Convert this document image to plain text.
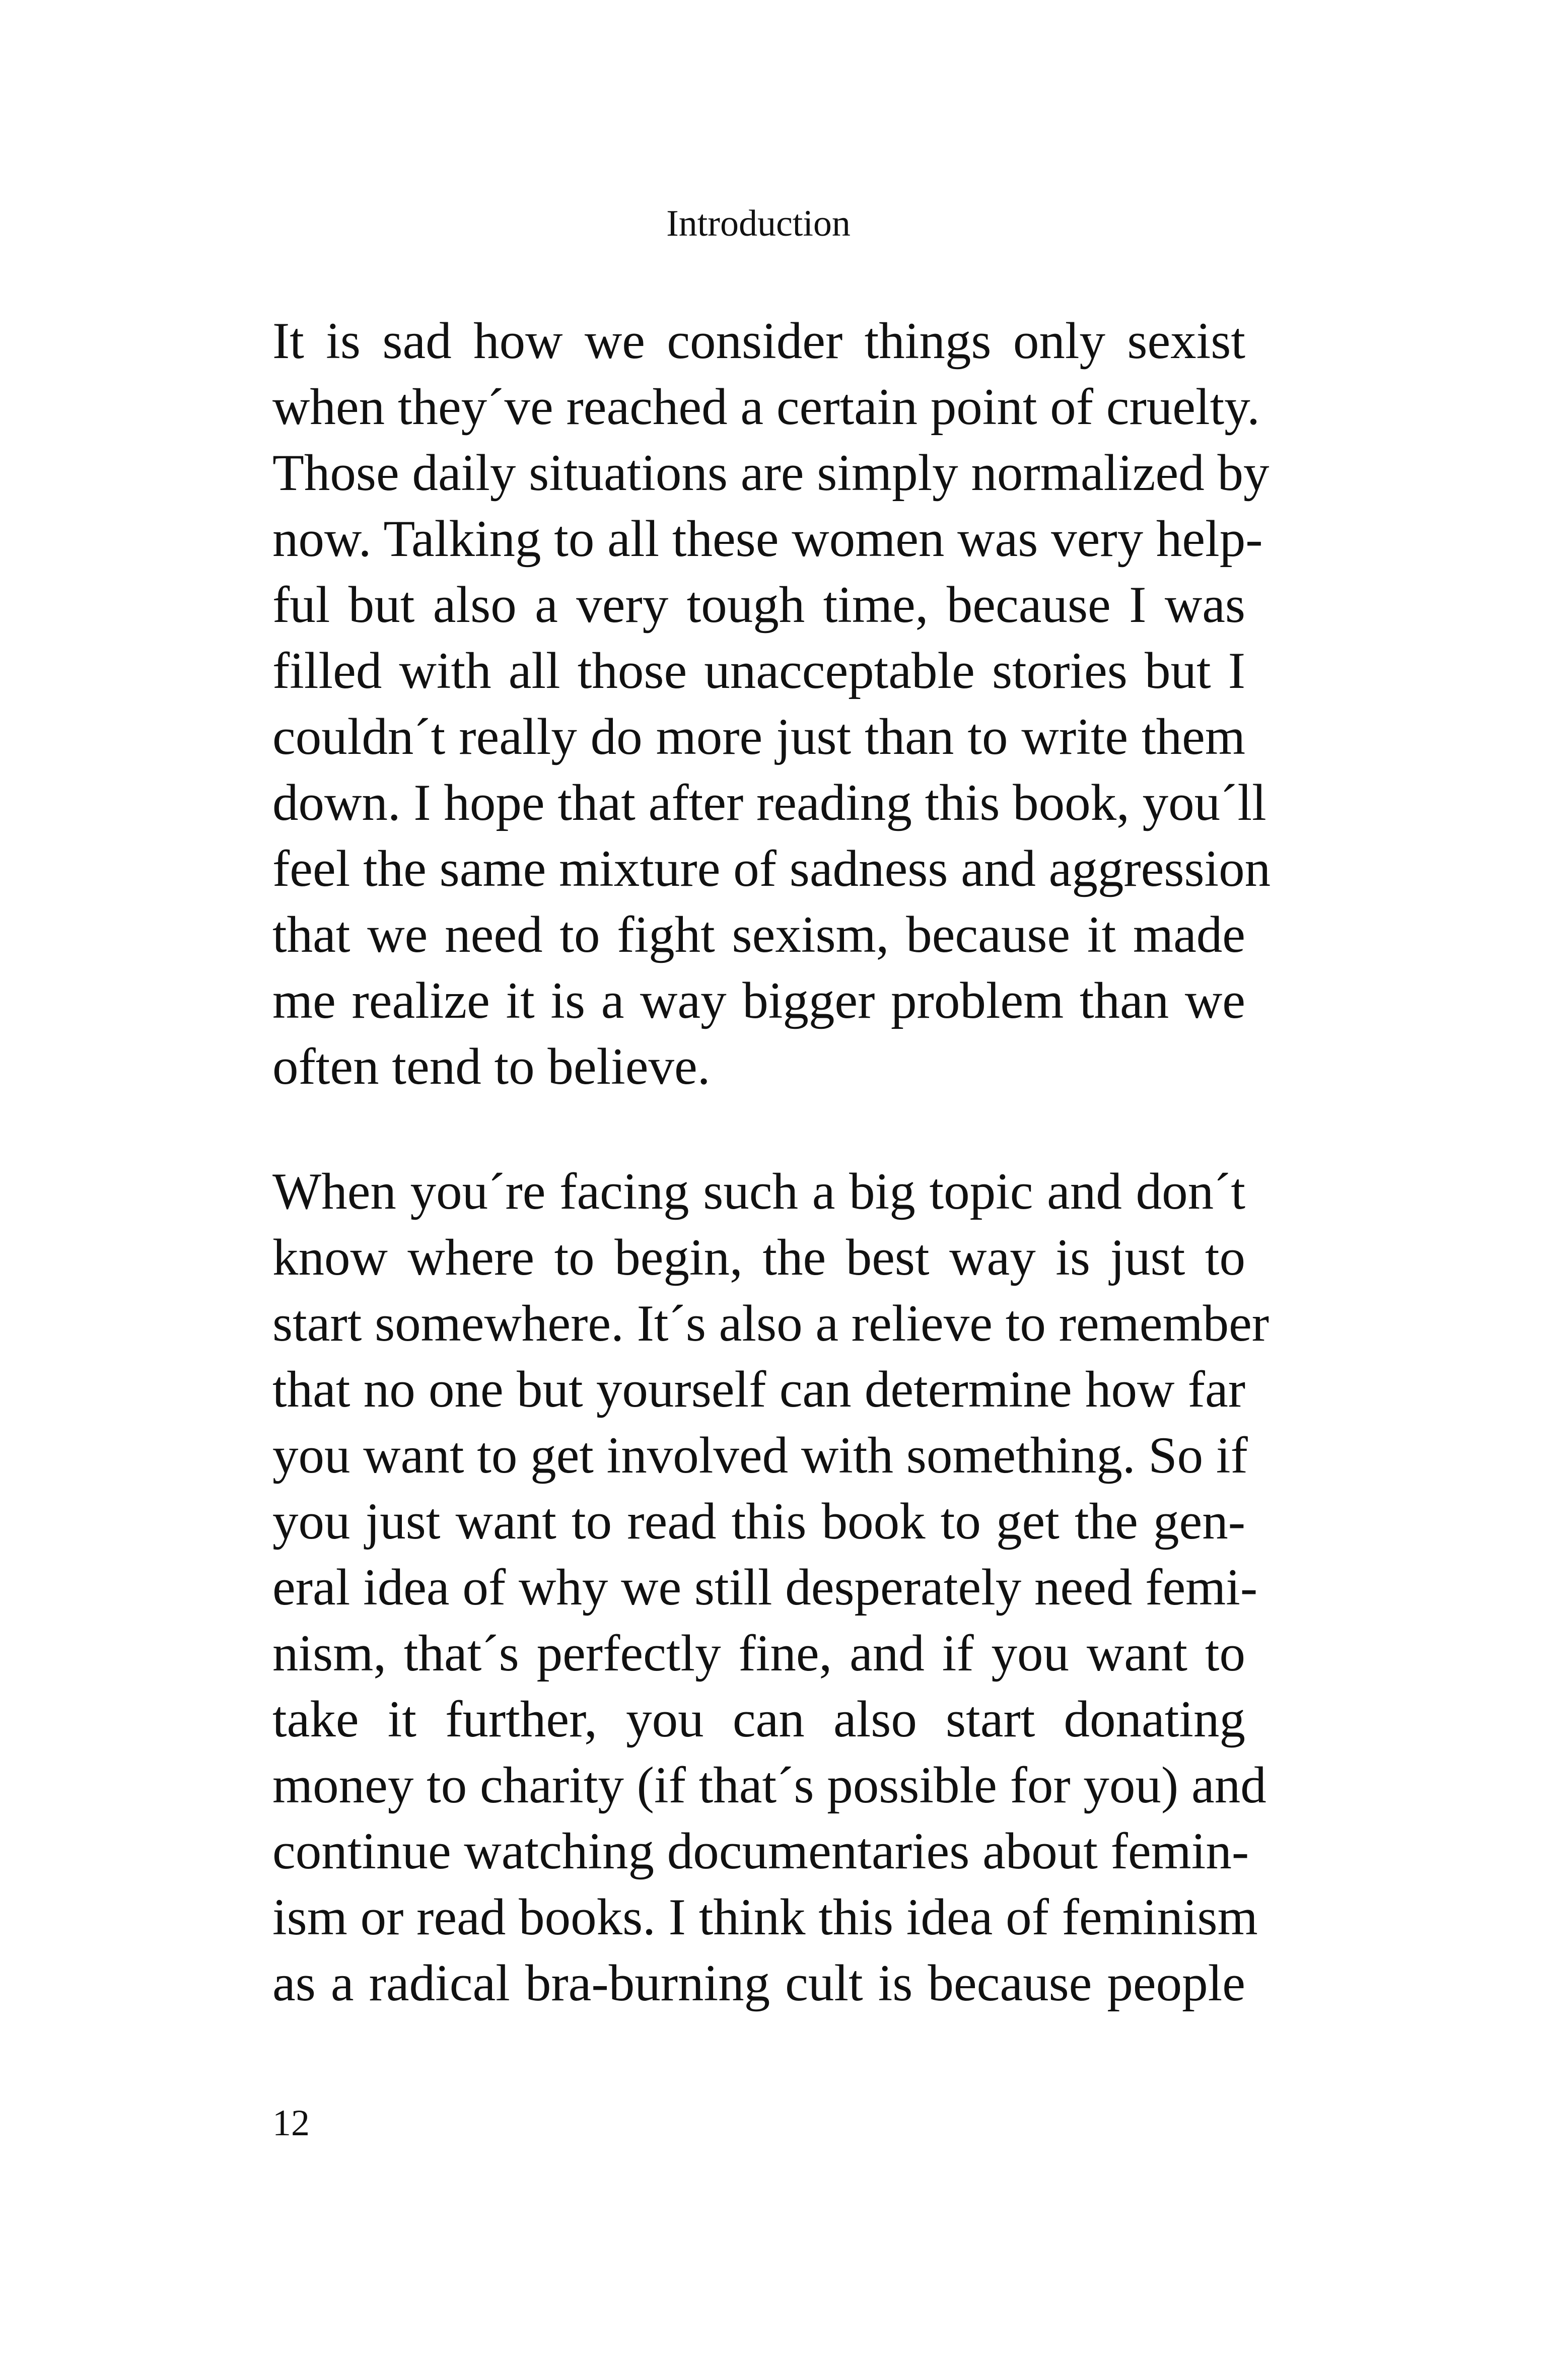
Introduction
It is sad how we consider things only sexist
when they´ve reached a certain point of cruelty.
Those daily situations are simply normalized by
now. Talking to all these women was very help-
ful but also a very tough time, because I was
filled with all those unacceptable stories but I
couldn´t really do more just than to write them
down. I hope that after reading this book, you´ll
feel the same mixture of sadness and aggression
that we need to fight sexism, because it made
me realize it is a way bigger problem than we
often tend to believe.
When you´re facing such a big topic and don´t
know where to begin, the best way is just to
start somewhere. It´s also a relieve to remember
that no one but yourself can determine how far
you want to get involved with something. So if
you just want to read this book to get the gen-
eral idea of why we still desperately need femi-
nism, that´s perfectly fine, and if you want to
take it further, you can also start donating
money to charity (if that´s possible for you) and
continue watching documentaries about femin-
ism or read books. I think this idea of feminism
as a radical bra-burning cult is because people
12
